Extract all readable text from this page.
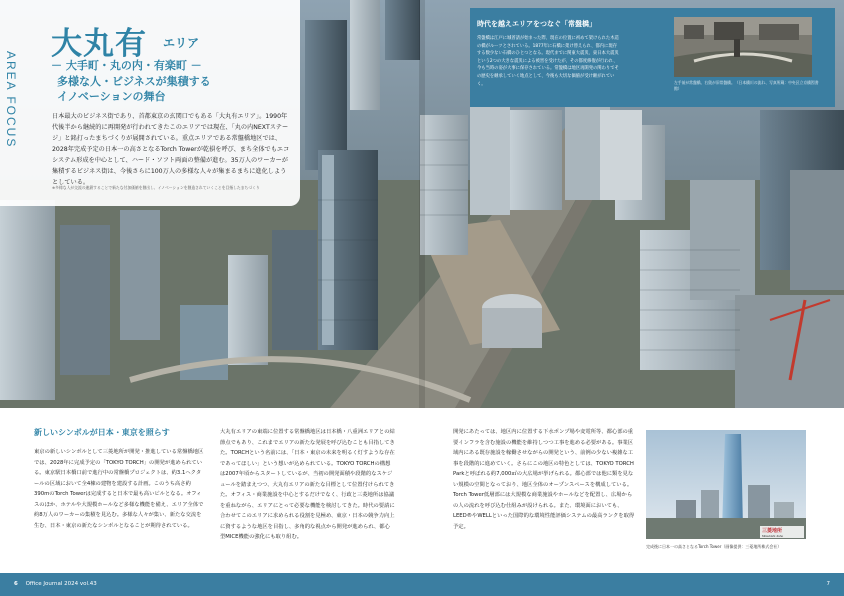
AREA FOCUS
大丸有 エリア
－ 大手町・丸の内・有楽町 －
多様な人・ビジネスが集積する
イノベーションの舞台
日本最大のビジネス街であり、首都東京の玄関口でもある「大丸有エリア」。1990年代後半から継続的に再開発が行われてきたこのエリアでは現在、「丸の内NEXTステージ」と銘打ったまちづくりが展開されている。重点エリアである常盤橋地区では、2028年完成予定の日本一の高さとなるTorch Towerが乾損を呼び、まち全体でもエコシステム形成を中心として、ハード・ソフト両面の整備が進む。35万人のワーカーが集積するビジネス街は、今後さらに100万人の多様な人々が集まるまちに進化しようとしている。
※多様な人が交流の連鎖することで新たな付加価値を創出し、イノベーションを創造されていくことを目指したまちづくり
時代を越えエリアをつなぐ「常盤橋」
常盤橋は江戸に城普請が始まった際、現在の位置に初めて架けられた木造の橋がルーツとされている。1877年に石橋に架け替えられ、都内に現存する数少ない石橋のひとつとなる。現代までに関東大震災、東日本大震災という2つの大きな震災による被害を受けたが、その都度修復が行われ、今も当時の姿が大事に保存されている。常盤橋は地区再開発の関わりでその歴史を継承していく地点として、今後も大切な価値が受け継がれていく。	左手前が常盤橋、右奥が旧常盤橋。（日本橋川の流れ、写真所蔵：中央区立京橋図書館）
新しいシンボルが日本・東京を照らす
東京の新しいシンボルとして三菱地所が開発・推進している常盤橋地区では、2028年に完成予定の「TOKYO TORCH」の開発が進められている。東京駅日本橋口前で進行中の常盤橋プロジェクトは、約3.1ヘクタールの区域において全4棟の建物を建設する計画。このうち高さ約390mのTorch Towerは完成すると日本で最も高いビルとなる。オフィスのほか、ホテルや大規模ホールなど多様な機能を備え、エリア全体で約8万人のワーカーの集積を見込む。多様な人々が集い、新たな交流を生む、日本・東京の新たなシンボルとなることが期待されている。
大丸有エリアの東端に位置する常盤橋地区は日本橋・八重洲エリアとの結節点でもあり、これまでエリアの新たな発展を呼び込むことも目指してきた。TORCHという名前には、「日本・東京の未来を明るく灯すような存在であってほしい」という想いが込められている。TOKYO TORCHの構想は2007年頃からスタートしているが、当初の開発面積や段階的なスケジュールを踏まえつつ、大丸有エリアの新たな目標として位置付けられてきた。オフィス・商業施設を中心とするだけでなく、行政と三菱地所は協議を重ねながら、エリアにとって必要な機能を検討してきた。時代の要請に合わせてこのエリアに求められる役割を見極め、東京・日本の競争力向上に資するような地区を目指し、多角的な視点から開発が進められ、都心型MICE機能の強化にも取り組む。
開発にあたっては、地区内に位置する下水ポンプ場や変電所等、都心部の重要インフラを含む施設の機能を維持しつつ工事を進める必要がある。事業区域内にある既存施設を稼働させながらの開発という、前例の少ない複雑な工事を段階的に進めていく。さらにこの地区の特色としては、TOKYO TORCH Parkと呼ばれる約7,000㎡の大広場が挙げられる。都心部では他に類を見ない規模の空間となっており、地区全体のオープンスペースを構成している。Torch Tower低層部には大規模な商業施設やホールなどを配置し、広場からの人の流れを呼び込む仕組みが設けられる。また、環境面においても、LEED®やWELLといった国際的な環境性能評価システムの最高ランクを取得予定。
三菱地所
Mitsubishi Jisho
完成後に日本一の高さとなるTorch Tower（画像提供：三菱地所株式会社）
6 Office Journal 2024 vol.43	7
